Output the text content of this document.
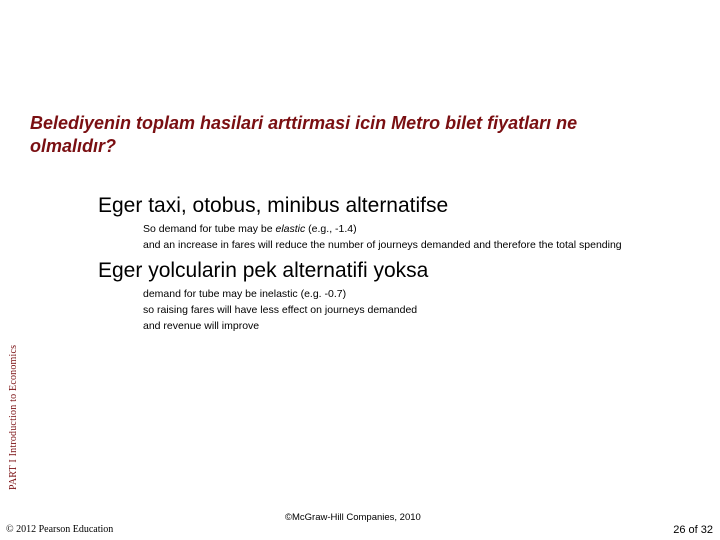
Belediyenin toplam hasilari arttirmasi icin Metro bilet fiyatları ne
olmalıdır?
Eger taxi, otobus, minibus alternatifse
So demand for tube may be elastic (e.g., -1.4)
and an increase in fares will reduce the number of journeys demanded and therefore the total spending
Eger yolcularin pek alternatifi yoksa
demand for tube may be inelastic (e.g. -0.7)
so raising fares will have less effect on journeys demanded
and revenue will improve
PART I Introduction to Economics
© 2012 Pearson Education
©McGraw-Hill Companies, 2010
26 of 32
